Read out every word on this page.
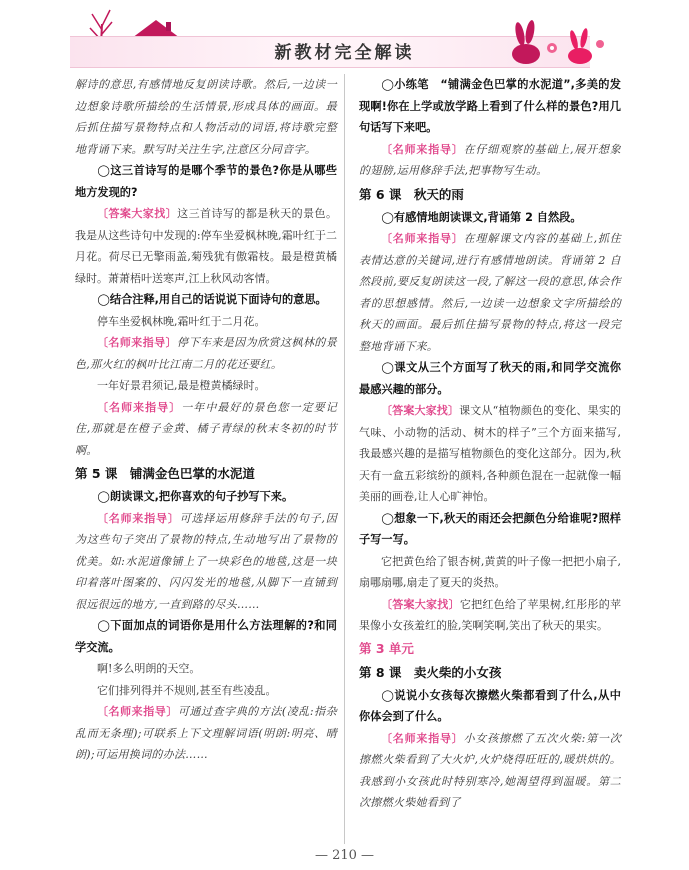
新教材完全解读

解诗的意思,有感情地反复朗读诗歌。然后,一边读一边想象诗歌所描绘的生活情景,形成具体的画面。最后抓住描写景物特点和人物活动的词语,将诗歌完整地背诵下来。默写时关注生字,注意区分同音字。

◯这三首诗写的是哪个季节的景色?你是从哪些地方发现的?

〔答案大家找〕这三首诗写的都是秋天的景色。我是从这些诗句中发现的:停车坐爱枫林晚,霜叶红于二月花。荷尽已无擎雨盖,菊残犹有傲霜枝。最是橙黄橘绿时。萧萧梧叶送寒声,江上秋风动客情。

◯结合注释,用自己的话说说下面诗句的意思。

停车坐爱枫林晚,霜叶红于二月花。

〔名师来指导〕停下车来是因为欣赏这枫林的景色,那火红的枫叶比江南二月的花还要红。

一年好景君须记,最是橙黄橘绿时。

〔名师来指导〕一年中最好的景色您一定要记住,那就是在橙子金黄、橘子青绿的秋末冬初的时节啊。

第 5 课　铺满金色巴掌的水泥道

◯朗读课文,把你喜欢的句子抄写下来。

〔名师来指导〕可选择运用修辞手法的句子,因为这些句子突出了景物的特点,生动地写出了景物的优美。如:水泥道像铺上了一块彩色的地毯,这是一块印着落叶图案的、闪闪发光的地毯,从脚下一直铺到很远很远的地方,一直到路的尽头……

◯下面加点的词语你是用什么方法理解的?和同学交流。

啊!多么明朗的天空。

它们排列得并不规则,甚至有些凌乱。

〔名师来指导〕可通过查字典的方法(凌乱:指杂乱而无条理);可联系上下文理解词语(明朗:明亮、晴朗);可运用换词的办法……

◯小练笔　“铺满金色巴掌的水泥道”,多美的发现啊!你在上学或放学路上看到了什么样的景色?用几句话写下来吧。

〔名师来指导〕在仔细观察的基础上,展开想象的翅膀,运用修辞手法,把事物写生动。

第 6 课　秋天的雨

◯有感情地朗读课文,背诵第 2 自然段。

〔名师来指导〕在理解课文内容的基础上,抓住表情达意的关键词,进行有感情地朗读。背诵第 2 自然段前,要反复朗读这一段,了解这一段的意思,体会作者的思想感情。然后,一边读一边想象文字所描绘的秋天的画面。最后抓住描写景物的特点,将这一段完整地背诵下来。

◯课文从三个方面写了秋天的雨,和同学交流你最感兴趣的部分。

〔答案大家找〕课文从“植物颜色的变化、果实的气味、小动物的活动、树木的样子”三个方面来描写,我最感兴趣的是描写植物颜色的变化这部分。因为,秋天有一盒五彩缤纷的颜料,各种颜色混在一起就像一幅美丽的画卷,让人心旷神怡。

◯想象一下,秋天的雨还会把颜色分给谁呢?照样子写一写。

它把黄色给了银杏树,黄黄的叶子像一把把小扇子,扇哪扇哪,扇走了夏天的炎热。

〔答案大家找〕它把红色给了苹果树,红彤彤的苹果像小女孩羞红的脸,笑啊笑啊,笑出了秋天的果实。

第 3 单元

第 8 课　卖火柴的小女孩

◯说说小女孩每次擦燃火柴都看到了什么,从中你体会到了什么。

〔名师来指导〕小女孩擦燃了五次火柴:第一次擦燃火柴看到了大火炉,火炉烧得旺旺的,暖烘烘的。我感到小女孩此时特别寒冷,她渴望得到温暖。第二次擦燃火柴她看到了

— 210 —
